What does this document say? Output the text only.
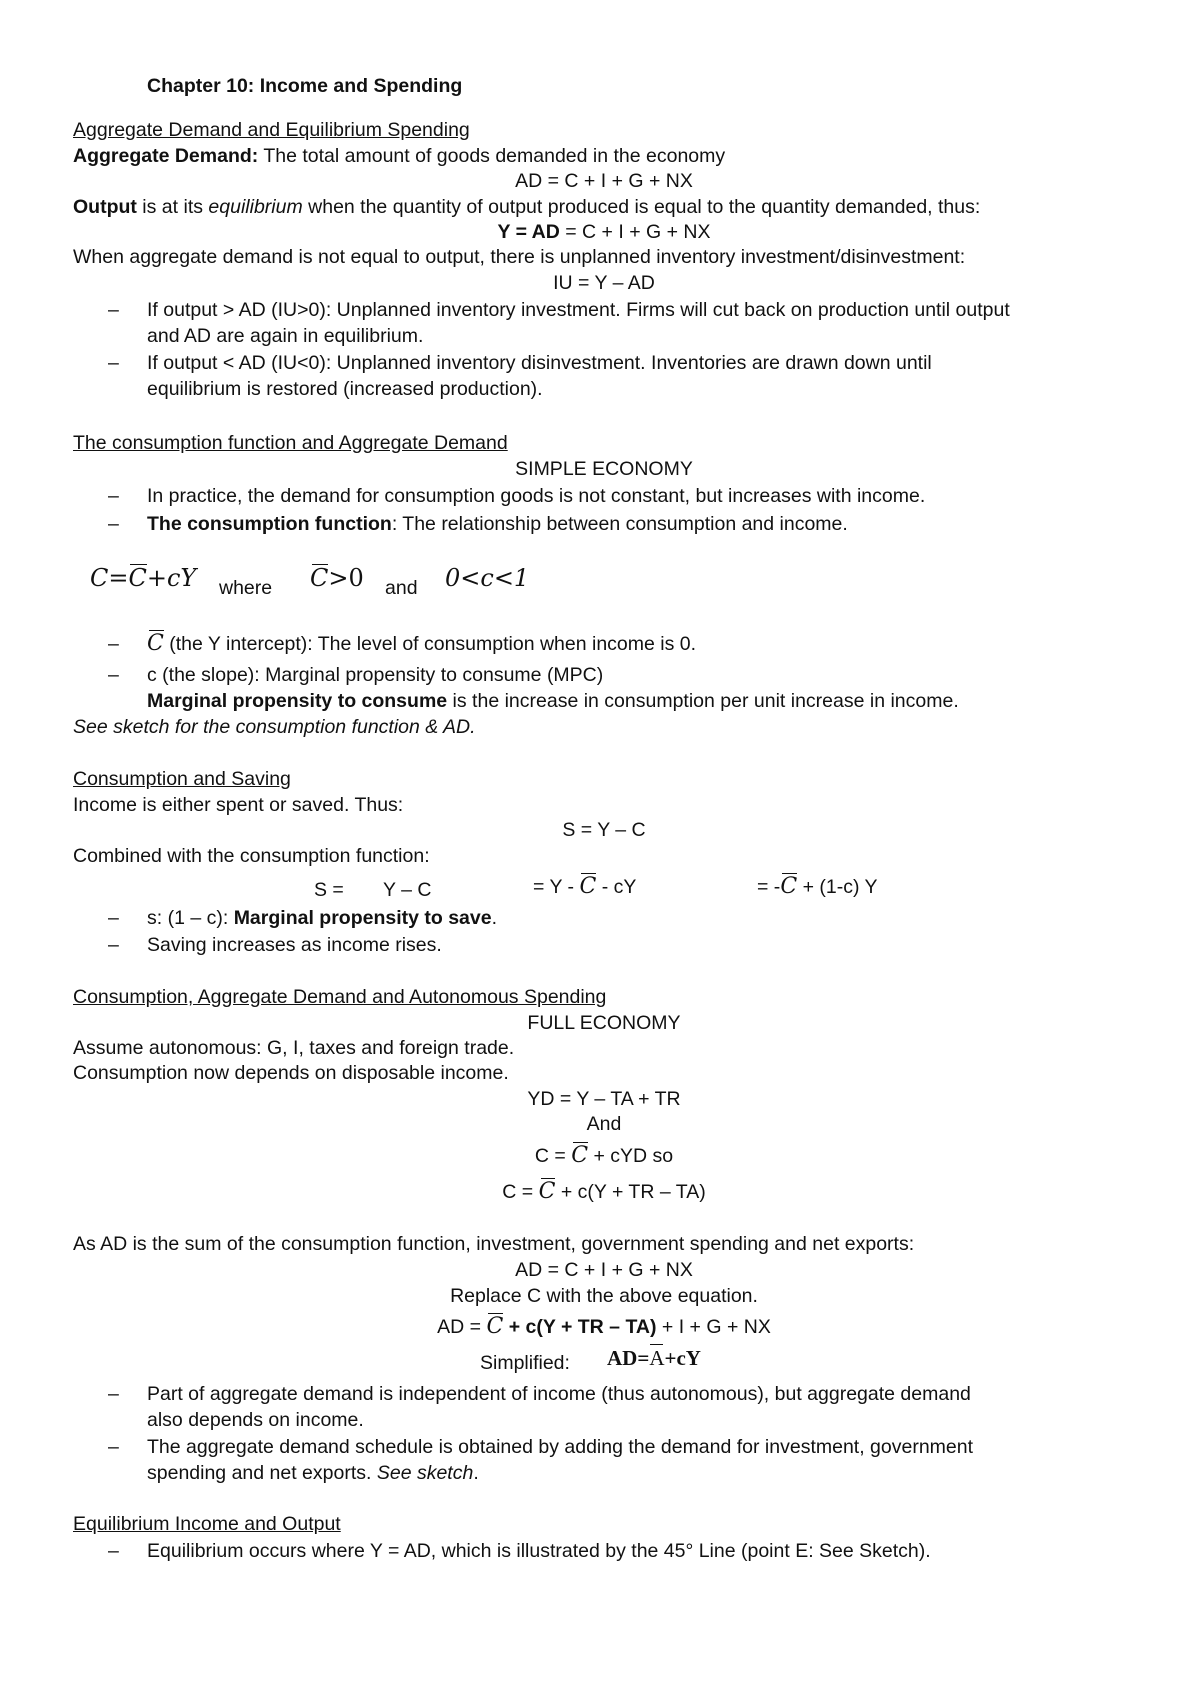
Chapter 10: Income and Spending
Aggregate Demand and Equilibrium Spending
Aggregate Demand: The total amount of goods demanded in the economy
AD = C + I + G + NX
Output is at its equilibrium when the quantity of output produced is equal to the quantity demanded, thus:
Y = AD = C + I + G + NX
When aggregate demand is not equal to output, there is unplanned inventory investment/disinvestment:
IU = Y – AD
– If output > AD (IU>0): Unplanned inventory investment. Firms will cut back on production until output
and AD are again in equilibrium.
– If output < AD (IU<0): Unplanned inventory disinvestment. Inventories are drawn down until
equilibrium is restored (increased production).
The consumption function and Aggregate Demand
SIMPLE ECONOMY
– In practice, the demand for consumption goods is not constant, but increases with income.
– The consumption function: The relationship between consumption and income.
C=C+cY where C>0 and 0<c<1
– C (the Y intercept): The level of consumption when income is 0.
– c (the slope): Marginal propensity to consume (MPC)
Marginal propensity to consume is the increase in consumption per unit increase in income.
See sketch for the consumption function & AD.
Consumption and Saving
Income is either spent or saved. Thus:
S = Y – C
Combined with the consumption function:
S = Y – C	= Y - C - cY	= -C + (1-c) Y
– s: (1 – c): Marginal propensity to save.
– Saving increases as income rises.
Consumption, Aggregate Demand and Autonomous Spending
FULL ECONOMY
Assume autonomous: G, I, taxes and foreign trade.
Consumption now depends on disposable income.
YD = Y – TA + TR
And
C = C + cYD so
C = C + c(Y + TR – TA)
As AD is the sum of the consumption function, investment, government spending and net exports:
AD = C + I + G + NX
Replace C with the above equation.
AD = C + c(Y + TR – TA) + I + G + NX
Simplified: AD=A+cY
– Part of aggregate demand is independent of income (thus autonomous), but aggregate demand
also depends on income.
– The aggregate demand schedule is obtained by adding the demand for investment, government
spending and net exports. See sketch.
Equilibrium Income and Output
– Equilibrium occurs where Y = AD, which is illustrated by the 45° Line (point E: See Sketch).
